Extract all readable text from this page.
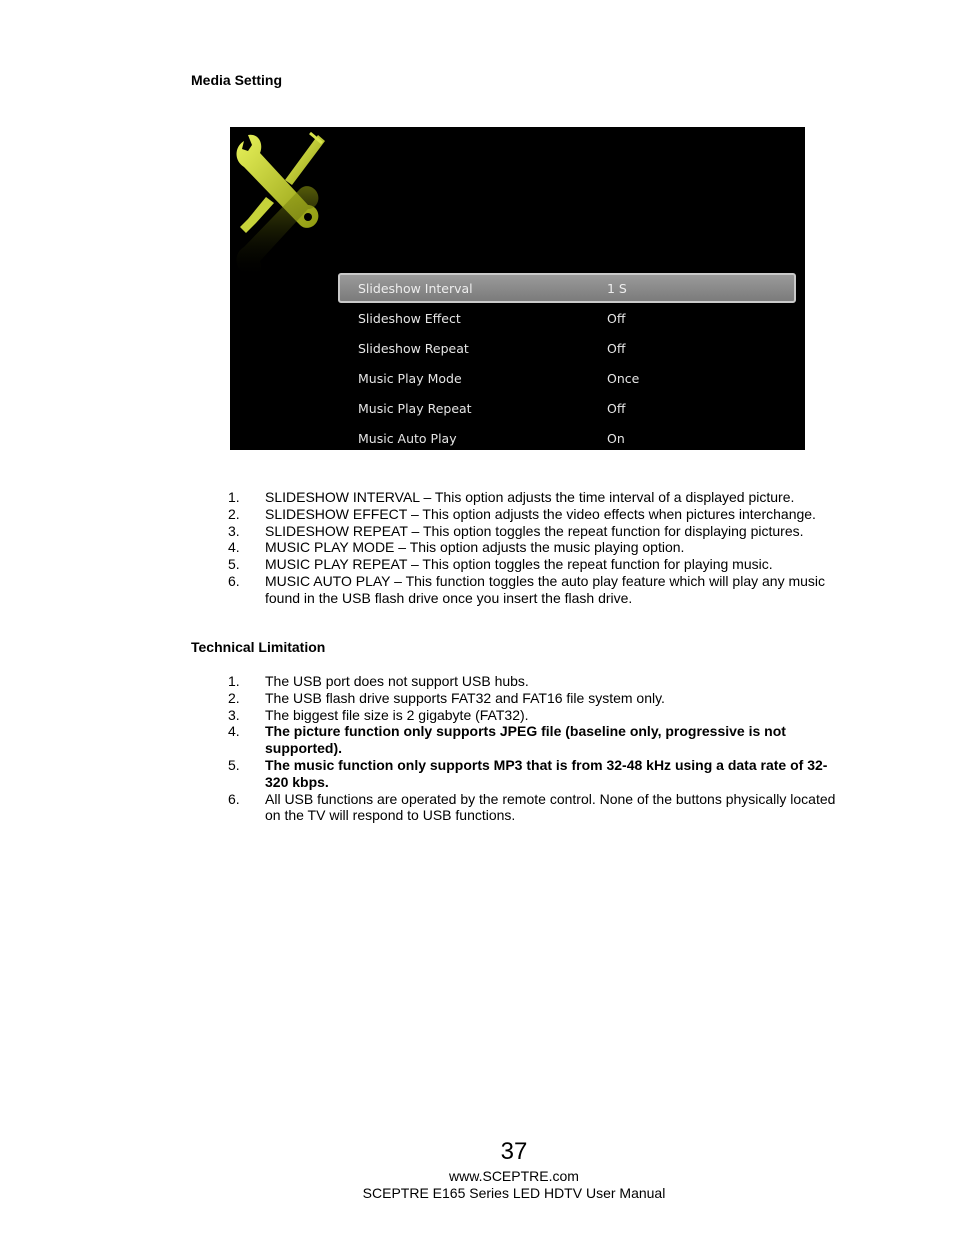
Media Setting
Slideshow Interval	1 S
Slideshow Effect	Off
Slideshow Repeat	Off
Music Play Mode	Once
Music Play Repeat	Off
Music Auto Play	On
1. SLIDESHOW INTERVAL – This option adjusts the time interval of a displayed picture.
2. SLIDESHOW EFFECT – This option adjusts the video effects when pictures interchange.
3. SLIDESHOW REPEAT – This option toggles the repeat function for displaying pictures.
4. MUSIC PLAY MODE – This option adjusts the music playing option.
5. MUSIC PLAY REPEAT – This option toggles the repeat function for playing music.
6. MUSIC AUTO PLAY – This function toggles the auto play feature which will play any music found in the USB flash drive once you insert the flash drive.
Technical Limitation
1. The USB port does not support USB hubs.
2. The USB flash drive supports FAT32 and FAT16 file system only.
3. The biggest file size is 2 gigabyte (FAT32).
4. The picture function only supports JPEG file (baseline only, progressive is not supported).
5. The music function only supports MP3 that is from 32-48 kHz using a data rate of 32-320 kbps.
6. All USB functions are operated by the remote control. None of the buttons physically located on the TV will respond to USB functions.
37
www.SCEPTRE.com
SCEPTRE E165 Series LED HDTV User Manual
